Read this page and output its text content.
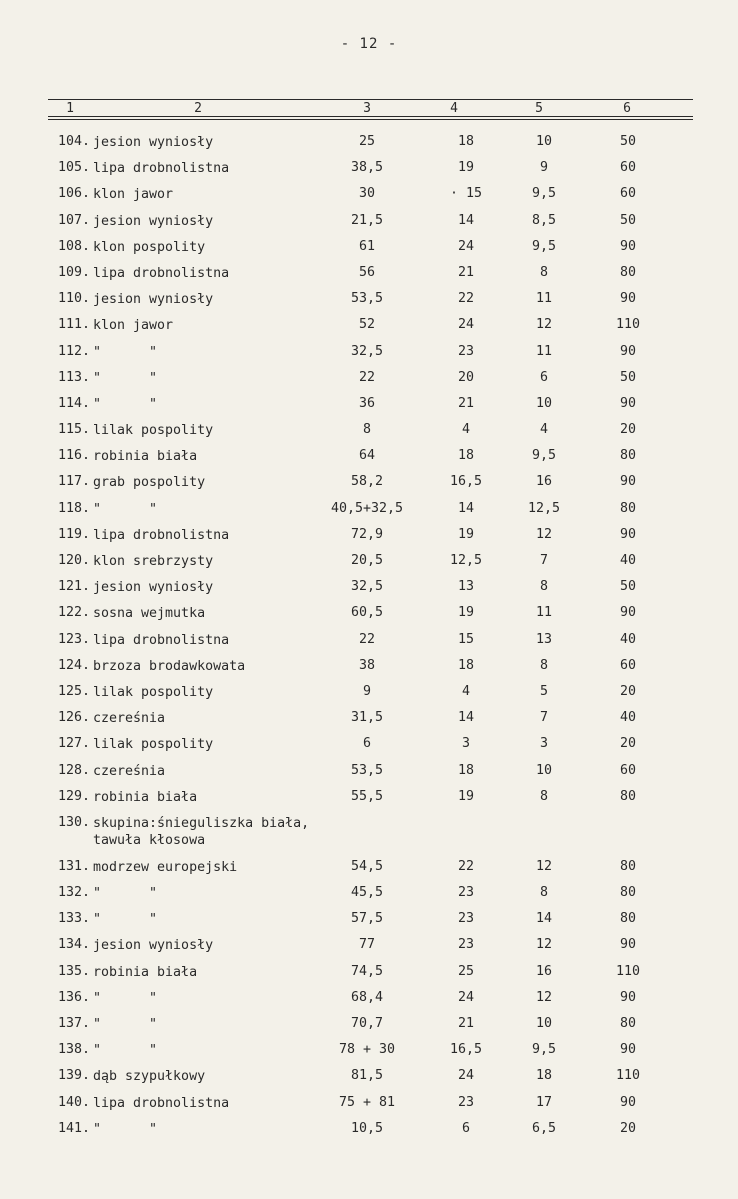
- 12 -
1	2	3	4	5	6
104. jesion wyniosły	25	18	10	50
105. lipa drobnolistna	38,5	19	9	60
106. klon jawor	30	· 15	9,5	60
107. jesion wyniosły	21,5	14	8,5	50
108. klon pospolity	61	24	9,5	90
109. lipa drobnolistna	56	21	8	80
110. jesion wyniosły	53,5	22	11	90
111. klon jawor	52	24	12	110
112. "      "	32,5	23	11	90
113. "      "	22	20	6	50
114. "      "	36	21	10	90
115. lilak pospolity	8	4	4	20
116. robinia biała	64	18	9,5	80
117. grab pospolity	58,2	16,5	16	90
118. "      "	40,5+32,5	14	12,5	80
119. lipa drobnolistna	72,9	19	12	90
120. klon srebrzysty	20,5	12,5	7	40
121. jesion wyniosły	32,5	13	8	50
122. sosna wejmutka	60,5	19	11	90
123. lipa drobnolistna	22	15	13	40
124. brzoza brodawkowata	38	18	8	60
125. lilak pospolity	9	4	5	20
126. czereśnia	31,5	14	7	40
127. lilak pospolity	6	3	3	20
128. czereśnia	53,5	18	10	60
129. robinia biała	55,5	19	8	80
130. skupina:śnieguliszka biała,
tawuła kłosowa
131. modrzew europejski	54,5	22	12	80
132. "      "	45,5	23	8	80
133. "      "	57,5	23	14	80
134. jesion wyniosły	77	23	12	90
135. robinia biała	74,5	25	16	110
136. "      "	68,4	24	12	90
137. "      "	70,7	21	10	80
138. "      "	78 + 30	16,5	9,5	90
139. dąb szypułkowy	81,5	24	18	110
140. lipa drobnolistna	75 + 81	23	17	90
141. "      "	10,5	6	6,5	20
